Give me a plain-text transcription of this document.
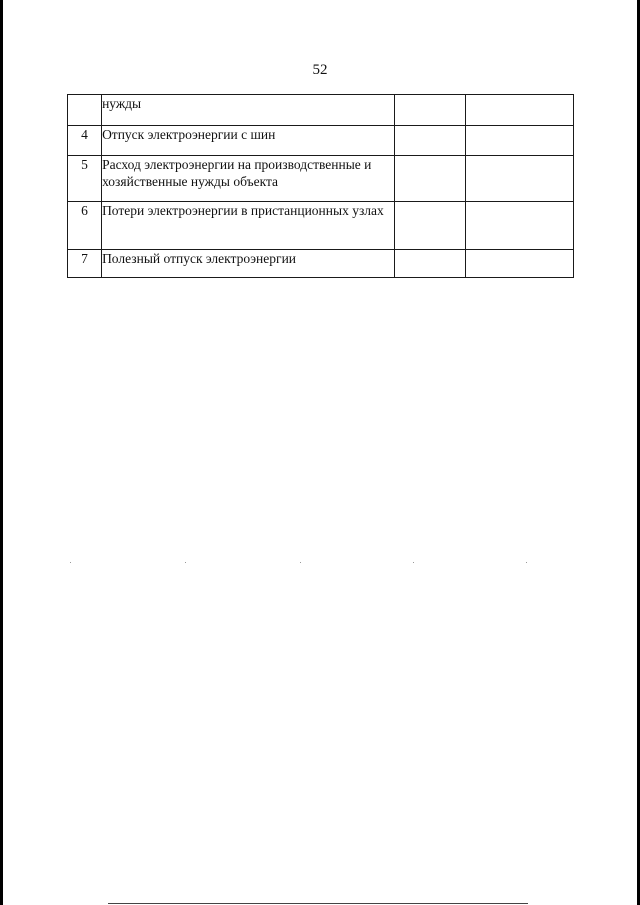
52
	нужды		
4	Отпуск электроэнергии с шин		
5	Расход электроэнергии на производственные и хозяйственные нужды объекта		
6	Потери электроэнергии в пристанционных узлах		
7	Полезный отпуск электроэнергии		
